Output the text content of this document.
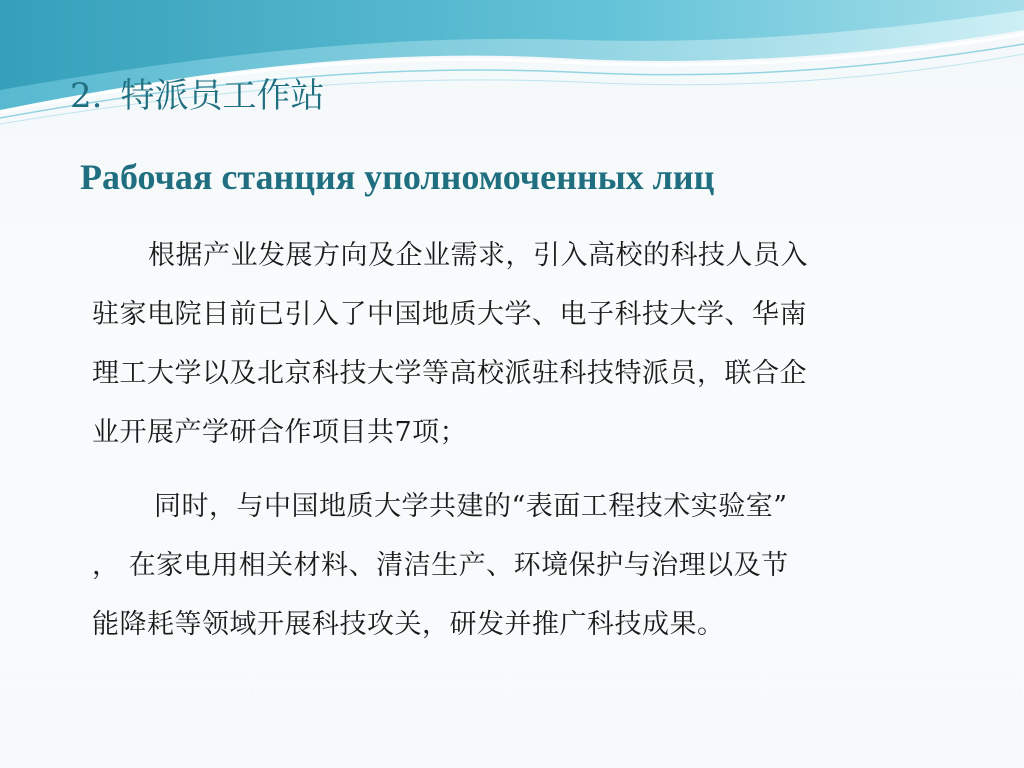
2. 特派员工作站
Рабочая станция уполномоченных лиц

根据产业发展方向及企业需求，引入高校的科技人员入
驻家电院目前已引入了中国地质大学、电子科技大学、华南
理工大学以及北京科技大学等高校派驻科技特派员，联合企
业开展产学研合作项目共7项；

同时，与中国地质大学共建的“表面工程技术实验室”
， 在家电用相关材料、清洁生产、环境保护与治理以及节
能降耗等领域开展科技攻关，研发并推广科技成果。
